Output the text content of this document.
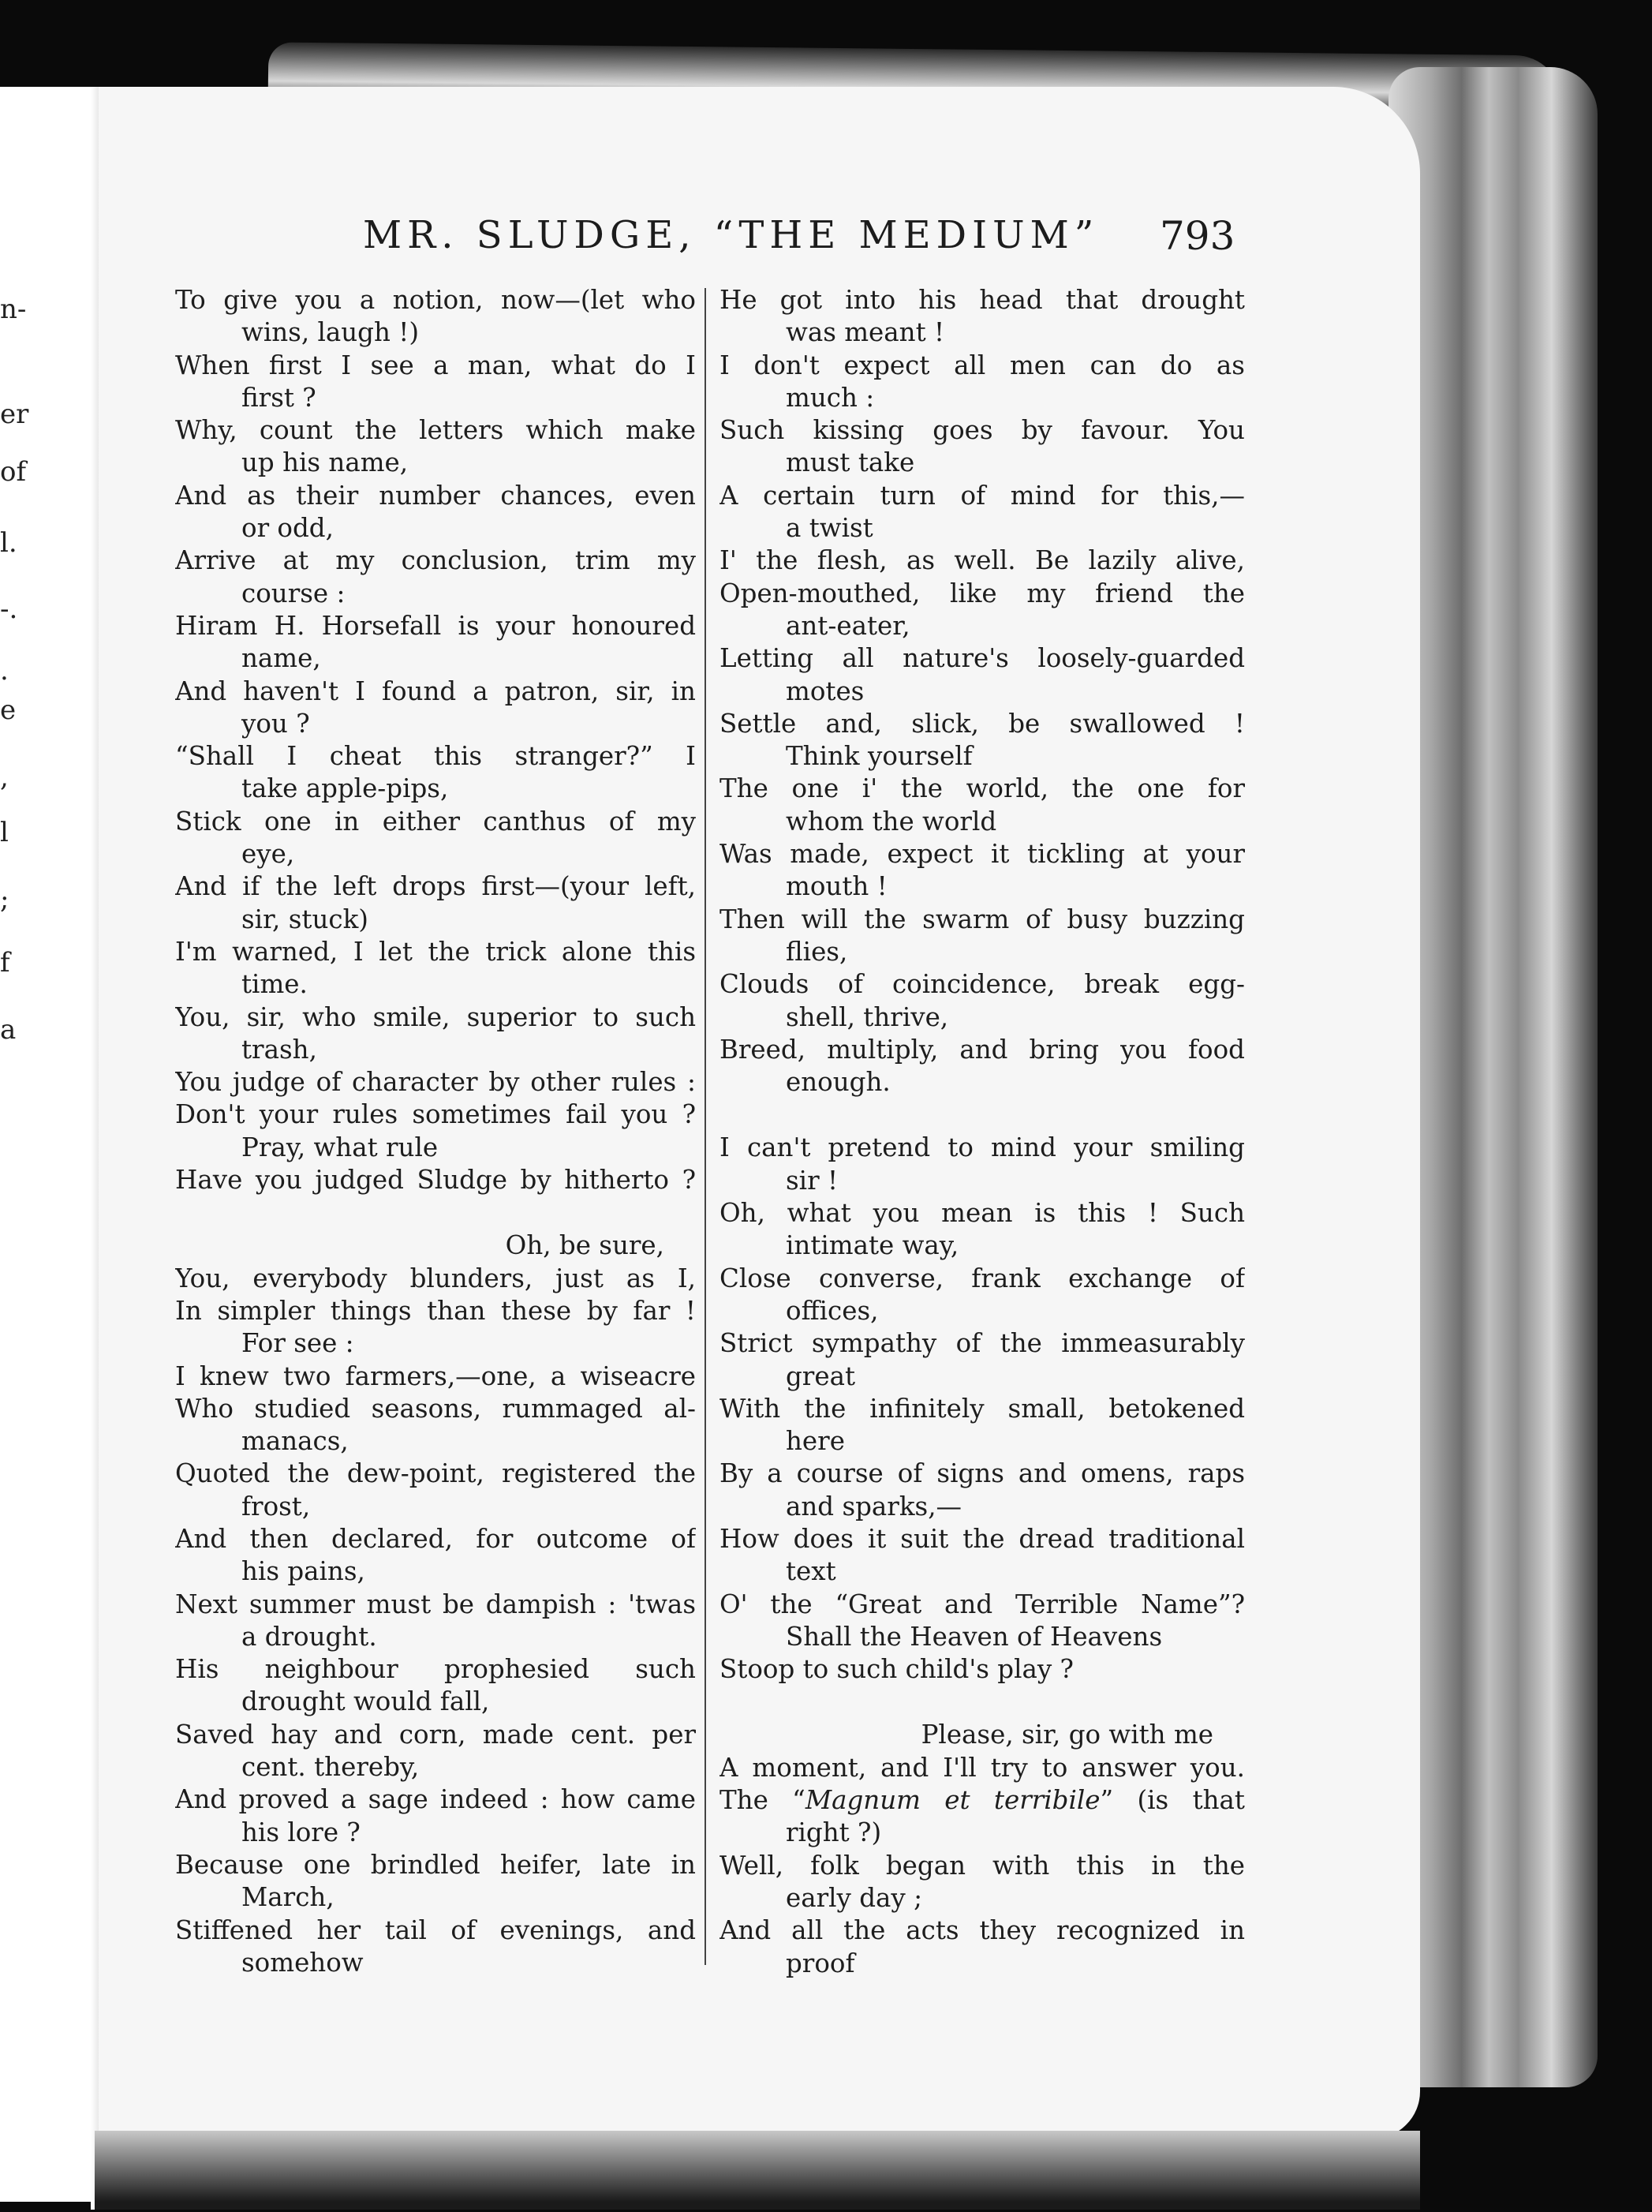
n-
er
of
l.
-.
.
e
,
l
;
f
a
MR. SLUDGE, “THE MEDIUM” 793
To give you a notion, now—(let who
wins, laugh !)
When first I see a man, what do I
first ?
Why, count the letters which make
up his name,
And as their number chances, even
or odd,
Arrive at my conclusion, trim my
course :
Hiram H. Horsefall is your honoured
name,
And haven't I found a patron, sir, in
you ?
“Shall I cheat this stranger?” I
take apple-pips,
Stick one in either canthus of my
eye,
And if the left drops first—(your left,
sir, stuck)
I'm warned, I let the trick alone this
time.
You, sir, who smile, superior to such
trash,
You judge of character by other rules :
Don't your rules sometimes fail you ?
Pray, what rule
Have you judged Sludge by hitherto ?
Oh, be sure,
You, everybody blunders, just as I,
In simpler things than these by far !
For see :
I knew two farmers,—one, a wiseacre
Who studied seasons, rummaged al-
manacs,
Quoted the dew-point, registered the
frost,
And then declared, for outcome of
his pains,
Next summer must be dampish : 'twas
a drought.
His neighbour prophesied such
drought would fall,
Saved hay and corn, made cent. per
cent. thereby,
And proved a sage indeed : how came
his lore ?
Because one brindled heifer, late in
March,
Stiffened her tail of evenings, and
somehow
He got into his head that drought
was meant !
I don't expect all men can do as
much :
Such kissing goes by favour. You
must take
A certain turn of mind for this,—
a twist
I' the flesh, as well. Be lazily alive,
Open-mouthed, like my friend the
ant-eater,
Letting all nature's loosely-guarded
motes
Settle and, slick, be swallowed !
Think yourself
The one i' the world, the one for
whom the world
Was made, expect it tickling at your
mouth !
Then will the swarm of busy buzzing
flies,
Clouds of coincidence, break egg-
shell, thrive,
Breed, multiply, and bring you food
enough.
I can't pretend to mind your smiling
sir !
Oh, what you mean is this ! Such
intimate way,
Close converse, frank exchange of
offices,
Strict sympathy of the immeasurably
great
With the infinitely small, betokened
here
By a course of signs and omens, raps
and sparks,—
How does it suit the dread traditional
text
O' the “Great and Terrible Name”?
Shall the Heaven of Heavens
Stoop to such child's play ?
Please, sir, go with me
A moment, and I'll try to answer you.
The “Magnum et terribile” (is that
right ?)
Well, folk began with this in the
early day ;
And all the acts they recognized in
proof
